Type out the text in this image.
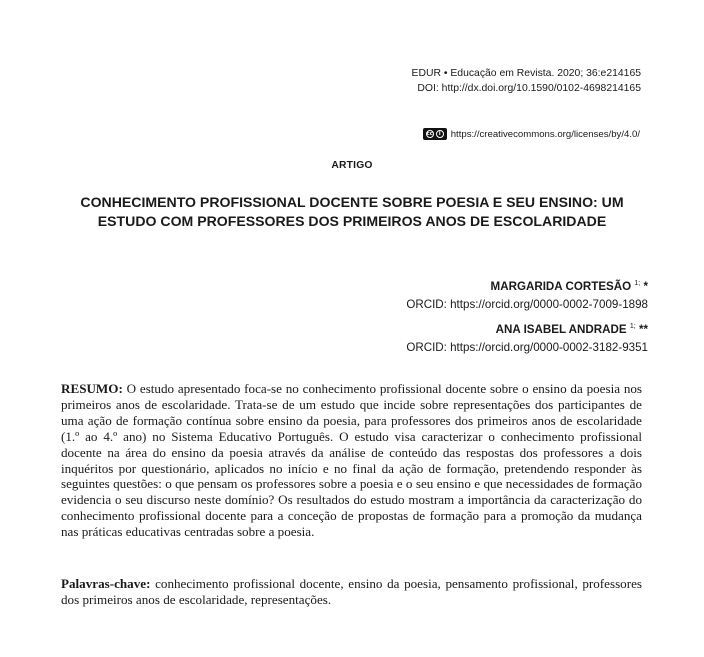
EDUR • Educação em Revista. 2020; 36:e214165
DOI: http://dx.doi.org/10.1590/0102-4698214165
cc	i	https://creativecommons.org/licenses/by/4.0/
ARTIGO
CONHECIMENTO PROFISSIONAL DOCENTE SOBRE POESIA E SEU ENSINO: UM ESTUDO COM PROFESSORES DOS PRIMEIROS ANOS DE ESCOLARIDADE
MARGARIDA CORTESÃO $^{1;}$ *
ORCID: https://orcid.org/0000-0002-7009-1898
ANA ISABEL ANDRADE $^{1;}$ **
ORCID: https://orcid.org/0000-0002-3182-9351
RESUMO: O estudo apresentado foca-se no conhecimento profissional docente sobre o ensino da poesia nos primeiros anos de escolaridade. Trata-se de um estudo que incide sobre representações dos participantes de uma ação de formação contínua sobre ensino da poesia, para professores dos primeiros anos de escolaridade (1.º ao 4.º ano) no Sistema Educativo Português. O estudo visa caracterizar o conhecimento profissional docente na área do ensino da poesia através da análise de conteúdo das respostas dos professores a dois inquéritos por questionário, aplicados no início e no final da ação de formação, pretendendo responder às seguintes questões: o que pensam os professores sobre a poesia e o seu ensino e que necessidades de formação evidencia o seu discurso neste domínio? Os resultados do estudo mostram a importância da caracterização do conhecimento profissional docente para a conceção de propostas de formação para a promoção da mudança nas práticas educativas centradas sobre a poesia.
Palavras-chave: conhecimento profissional docente, ensino da poesia, pensamento profissional, professores dos primeiros anos de escolaridade, representações.
